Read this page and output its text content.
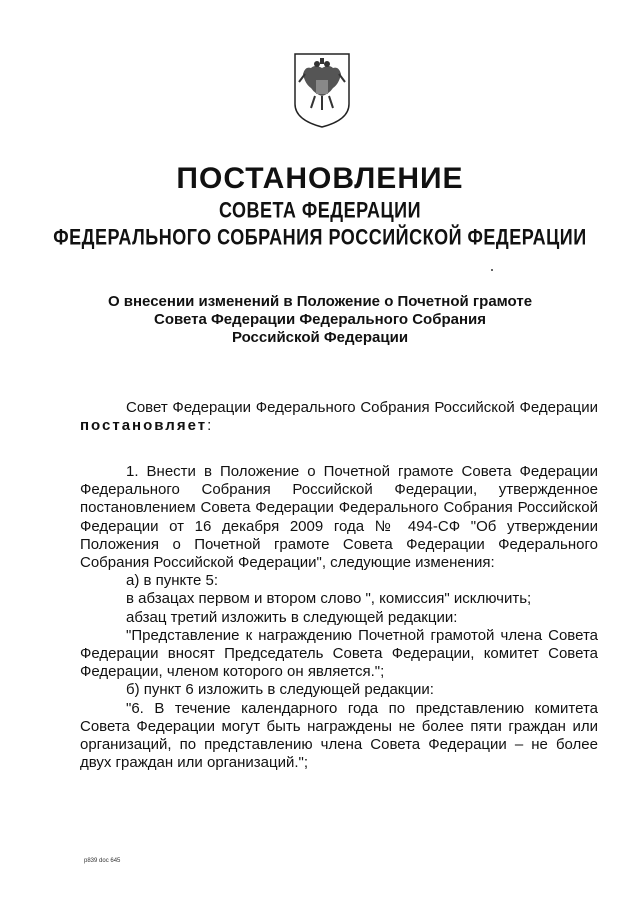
ПОСТАНОВЛЕНИЕ
СОВЕТА ФЕДЕРАЦИИ
ФЕДЕРАЛЬНОГО СОБРАНИЯ РОССИЙСКОЙ ФЕДЕРАЦИИ
О внесении изменений в Положение о Почетной грамоте
Совета Федерации Федерального Собрания
Российской Федерации

Совет Федерации Федерального Собрания Российской Федерации постановляет:

1. Внести в Положение о Почетной грамоте Совета Федерации Федерального Собрания Российской Федерации, утвержденное постановлением Совета Федерации Федерального Собрания Российской Федерации от 16 декабря 2009 года № 494-СФ "Об утверждении Положения о Почетной грамоте Совета Федерации Федерального Собрания Российской Федерации", следующие изменения:

а) в пункте 5:

в абзацах первом и втором слово ", комиссия" исключить;

абзац третий изложить в следующей редакции:

"Представление к награждению Почетной грамотой члена Совета Федерации вносят Председатель Совета Федерации, комитет Совета Федерации, членом которого он является.";

б) пункт 6 изложить в следующей редакции:

"6. В течение календарного года по представлению комитета Совета Федерации могут быть награждены не более пяти граждан или организаций, по представлению члена Совета Федерации – не более двух граждан или организаций.";

p839 doc 645
